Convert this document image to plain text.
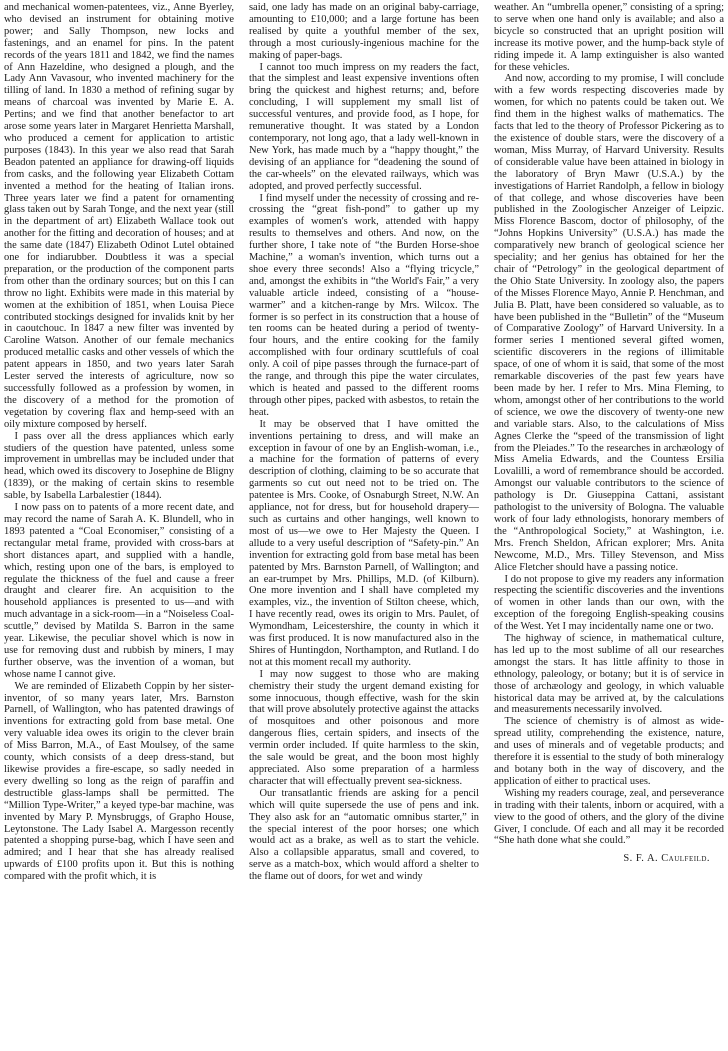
and mechanical women-patentees, viz., Anne Byerley, who devised an instrument for obtaining motive power; and Sally Thompson, new locks and fastenings, and an enamel for pins. In the patent records of the years 1811 and 1842, we find the names of Ann Hazeldine, who designed a plough, and the Lady Ann Vavasour, who invented machinery for the tilling of land. In 1830 a method of refining sugar by means of charcoal was invented by Marie E. A. Pertins; and we find that another benefactor to art arose some years later in Margaret Henrietta Marshall, who produced a cement for application to artistic purposes (1843). In this year we also read that Sarah Beadon patented an appliance for drawing-off liquids from casks, and the following year Elizabeth Cottam invented a method for the heating of Italian irons. Three years later we find a patent for ornamenting glass taken out by Sarah Tonge, and the next year (still in the department of art) Elizabeth Wallace took out another for the fitting and decoration of houses; and at the same date (1847) Elizabeth Odinot Lutel obtained one for indiarubber. Doubtless it was a special preparation, or the production of the component parts from other than the ordinary sources; but on this I can throw no light. Exhibits were made in this material by women at the exhibition of 1851, when Louisa Piece contributed stockings designed for invalids knit by her in caoutchouc. In 1847 a new filter was invented by Caroline Watson. Another of our female mechanics produced metallic casks and other vessels of which the patent appears in 1850, and two years later Sarah Lester served the interests of agriculture, now so successfully followed as a profession by women, in the discovery of a method for the promotion of vegetation by covering flax and hemp-seed with an oily mixture composed by herself.

I pass over all the dress appliances which early studiers of the question have patented, unless some improvement in umbrellas may be included under that head, which owed its discovery to Josephine de Bligny (1839), or the making of certain skins to resemble sable, by Isabella Larbalestier (1844).

I now pass on to patents of a more recent date, and may record the name of Sarah A. K. Blundell, who in 1893 patented a “Coal Economiser,” consisting of a rectangular metal frame, provided with cross-bars at short distances apart, and supplied with a handle, which, resting upon one of the bars, is employed to regulate the thickness of the fuel and cause a freer draught and clearer fire. An acquisition to the household appliances is presented to us—and with much advantage in a sick-room—in a “Noiseless Coal-scuttle,” devised by Matilda S. Barron in the same year. Likewise, the peculiar shovel which is now in use for removing dust and rubbish by miners, I may further observe, was the invention of a woman, but whose name I cannot give.

We are reminded of Elizabeth Coppin by her sister-inventor, of so many years later, Mrs. Barnston Parnell, of Wallington, who has patented drawings of inventions for extracting gold from base metal. One very valuable idea owes its origin to the clever brain of Miss Barron, M.A., of East Moulsey, of the same county, which consists of a deep dress-stand, but likewise provides a fire-escape, so sadly needed in every dwelling so long as the reign of paraffin and destructible glass-lamps shall be permitted. The “Million Type-Writer,” a keyed type-bar machine, was invented by Mary P. Mynsbruggs, of Grapho House, Leytonstone. The Lady Isabel A. Margesson recently patented a shopping purse-bag, which I have seen and admired; and I hear that she has already realised upwards of £100 profits upon it. But this is nothing compared with the profit which, it is

said, one lady has made on an original baby-carriage, amounting to £10,000; and a large fortune has been realised by quite a youthful member of the sex, through a most curiously-ingenious machine for the making of paper-bags.

I cannot too much impress on my readers the fact, that the simplest and least expensive inventions often bring the quickest and highest returns; and, before concluding, I will supplement my small list of successful ventures, and provide food, as I hope, for remunerative thought. It was stated by a London contemporary, not long ago, that a lady well-known in New York, has made much by a “happy thought,” the devising of an appliance for “deadening the sound of the car-wheels” on the elevated railways, which was adopted, and proved perfectly successful.

I find myself under the necessity of crossing and re-crossing the “great fish-pond” to gather up my examples of women's work, attended with happy results to themselves and others. And now, on the further shore, I take note of “the Burden Horse-shoe Machine,” a woman's invention, which turns out a shoe every three seconds! Also a “flying tricycle,” and, amongst the exhibits in “the World's Fair,” a very valuable article indeed, consisting of a “house-warmer” and a kitchen-range by Mrs. Wilcox. The former is so perfect in its construction that a house of ten rooms can be heated during a period of twenty-four hours, and the entire cooking for the family accomplished with four ordinary scuttlefuls of coal only. A coil of pipe passes through the furnace-part of the range, and through this pipe the water circulates, which is heated and passed to the different rooms through other pipes, packed with asbestos, to retain the heat.

It may be observed that I have omitted the inventions pertaining to dress, and will make an exception in favour of one by an English-woman, i.e., a machine for the formation of patterns of every description of clothing, claiming to be so accurate that garments so cut out need not to be tried on. The patentee is Mrs. Cooke, of Osnaburgh Street, N.W. An appliance, not for dress, but for household drapery—such as curtains and other hangings, well known to most of us—we owe to Her Majesty the Queen. I allude to a very useful description of “Safety-pin.” An invention for extracting gold from base metal has been patented by Mrs. Barnston Parnell, of Wallington; and an ear-trumpet by Mrs. Phillips, M.D. (of Kilburn). One more invention and I shall have completed my examples, viz., the invention of Stilton cheese, which, I have recently read, owes its origin to Mrs. Paulet, of Wymondham, Leicestershire, the county in which it was first produced. It is now manufactured also in the Shires of Huntingdon, Northampton, and Rutland. I do not at this moment recall my authority.

I may now suggest to those who are making chemistry their study the urgent demand existing for some innocuous, though effective, wash for the skin that will prove absolutely protective against the attacks of mosquitoes and other poisonous and more dangerous flies, certain spiders, and insects of the vermin order included. If quite harmless to the skin, the sale would be great, and the boon most highly appreciated. Also some preparation of a harmless character that will effectually prevent sea-sickness.

Our transatlantic friends are asking for a pencil which will quite supersede the use of pens and ink. They also ask for an “automatic omnibus starter,” in the special interest of the poor horses; one which would act as a brake, as well as to start the vehicle. Also a collapsible apparatus, small and covered, to serve as a match-box, which would afford a shelter to the flame out of doors, for wet and windy

weather. An “umbrella opener,” consisting of a spring; to serve when one hand only is available; and also a bicycle so constructed that an upright position will increase its motive power, and the hump-back style of riding impede it. A lamp extinguisher is also wanted for these vehicles.

And now, according to my promise, I will conclude with a few words respecting discoveries made by women, for which no patents could be taken out. We find them in the highest walks of mathematics. The facts that led to the theory of Professor Pickering as to the existence of double stars, were the discovery of a woman, Miss Murray, of Harvard University. Results of considerable value have been attained in biology in the laboratory of Bryn Mawr (U.S.A.) by the investigations of Harriet Randolph, a fellow in biology of that college, and whose discoveries have been published in the Zoologischer Anzeiger of Leipzic. Miss Florence Bascom, doctor of philosophy, of the “Johns Hopkins University” (U.S.A.) has made the comparatively new branch of geological science her speciality; and her genius has obtained for her the chair of “Petrology” in the geological department of the Ohio State University. In zoology also, the papers of the Misses Florence Mayo, Annie P. Henchman, and Julia B. Platt, have been considered so valuable, as to have been published in the “Bulletin” of the “Museum of Comparative Zoology” of Harvard University. In a former series I mentioned several gifted women, scientific discoverers in the regions of illimitable space, of one of whom it is said, that some of the most remarkable discoveries of the past few years have been made by her. I refer to Mrs. Mina Fleming, to whom, amongst other of her contributions to the world of science, we owe the discovery of twenty-one new and variable stars. Also, to the calculations of Miss Agnes Clerke the “speed of the transmission of light from the Pleiades.” To the researches in archæology of Miss Amelia Edwards, and the Countess Ersilia Lovalilli, a word of remembrance should be accorded. Amongst our valuable contributors to the science of pathology is Dr. Giuseppina Cattani, assistant pathologist to the university of Bologna. The valuable work of four lady ethnologists, honorary members of the “Anthropological Society,” at Washington, i.e. Mrs. French Sheldon, African explorer; Mrs. Anita Newcome, M.D., Mrs. Tilley Stevenson, and Miss Alice Fletcher should have a passing notice.

I do not propose to give my readers any information respecting the scientific discoveries and the inventions of women in other lands than our own, with the exception of the foregoing English-speaking cousins of the West. Yet I may incidentally name one or two.

The highway of science, in mathematical culture, has led up to the most sublime of all our researches amongst the stars. It has little affinity to those in ethnology, paleology, or botany; but it is of service in those of archæology and geology, in which valuable historical data may be arrived at, by the calculations and measurements necessarily involved.

The science of chemistry is of almost as wide-spread utility, comprehending the existence, nature, and uses of minerals and of vegetable products; and therefore it is essential to the study of both mineralogy and botany both in the way of discovery, and the application of either to practical uses.

Wishing my readers courage, zeal, and perseverance in trading with their talents, inborn or acquired, with a view to the good of others, and the glory of the divine Giver, I conclude. Of each and all may it be recorded “She hath done what she could.”

S. F. A. Caulfeild.
